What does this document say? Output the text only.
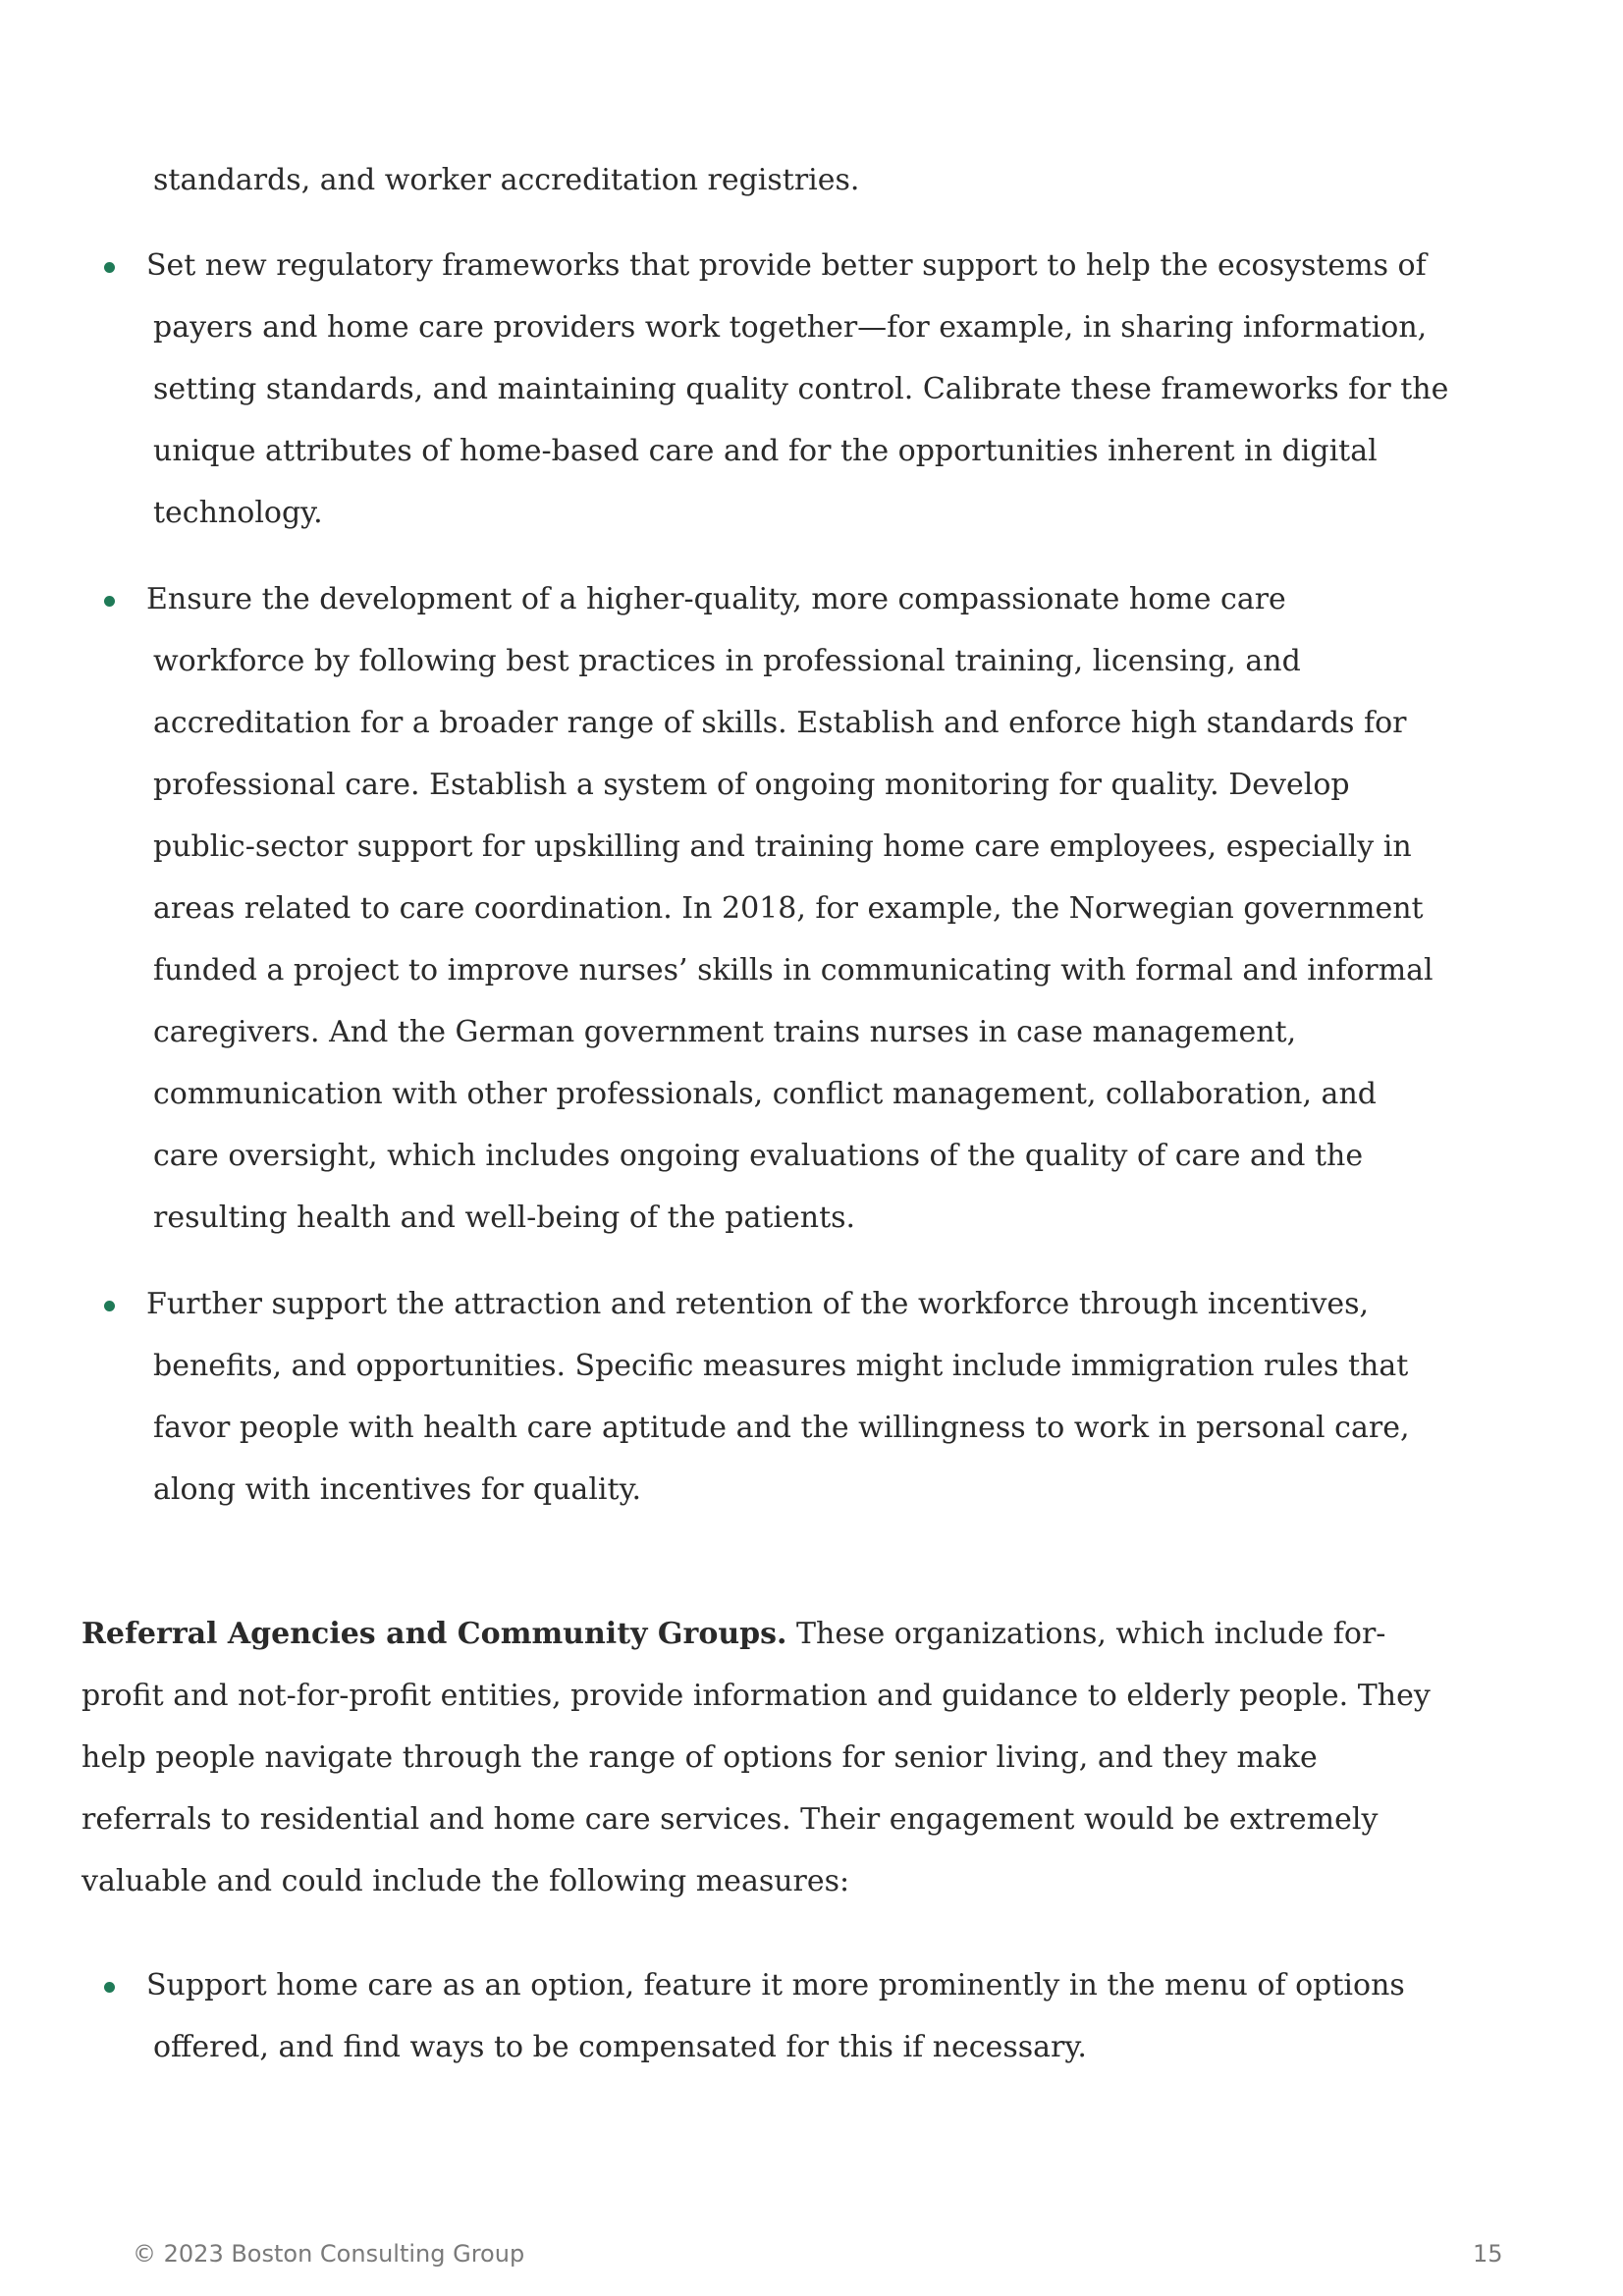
standards, and worker accreditation registries.
Set new regulatory frameworks that provide better support to help the ecosystems of
payers and home care providers work together—for example, in sharing information,
setting standards, and maintaining quality control. Calibrate these frameworks for the
unique attributes of home-based care and for the opportunities inherent in digital
technology.
Ensure the development of a higher-quality, more compassionate home care
workforce by following best practices in professional training, licensing, and
accreditation for a broader range of skills. Establish and enforce high standards for
professional care. Establish a system of ongoing monitoring for quality. Develop
public-sector support for upskilling and training home care employees, especially in
areas related to care coordination. In 2018, for example, the Norwegian government
funded a project to improve nurses’ skills in communicating with formal and informal
caregivers. And the German government trains nurses in case management,
communication with other professionals, conflict management, collaboration, and
care oversight, which includes ongoing evaluations of the quality of care and the
resulting health and well-being of the patients.
Further support the attraction and retention of the workforce through incentives,
benefits, and opportunities. Specific measures might include immigration rules that
favor people with health care aptitude and the willingness to work in personal care,
along with incentives for quality.
Referral Agencies and Community Groups. These organizations, which include for-
profit and not-for-profit entities, provide information and guidance to elderly people. They
help people navigate through the range of options for senior living, and they make
referrals to residential and home care services. Their engagement would be extremely
valuable and could include the following measures:
Support home care as an option, feature it more prominently in the menu of options
offered, and find ways to be compensated for this if necessary.
© 2023 Boston Consulting Group	15
